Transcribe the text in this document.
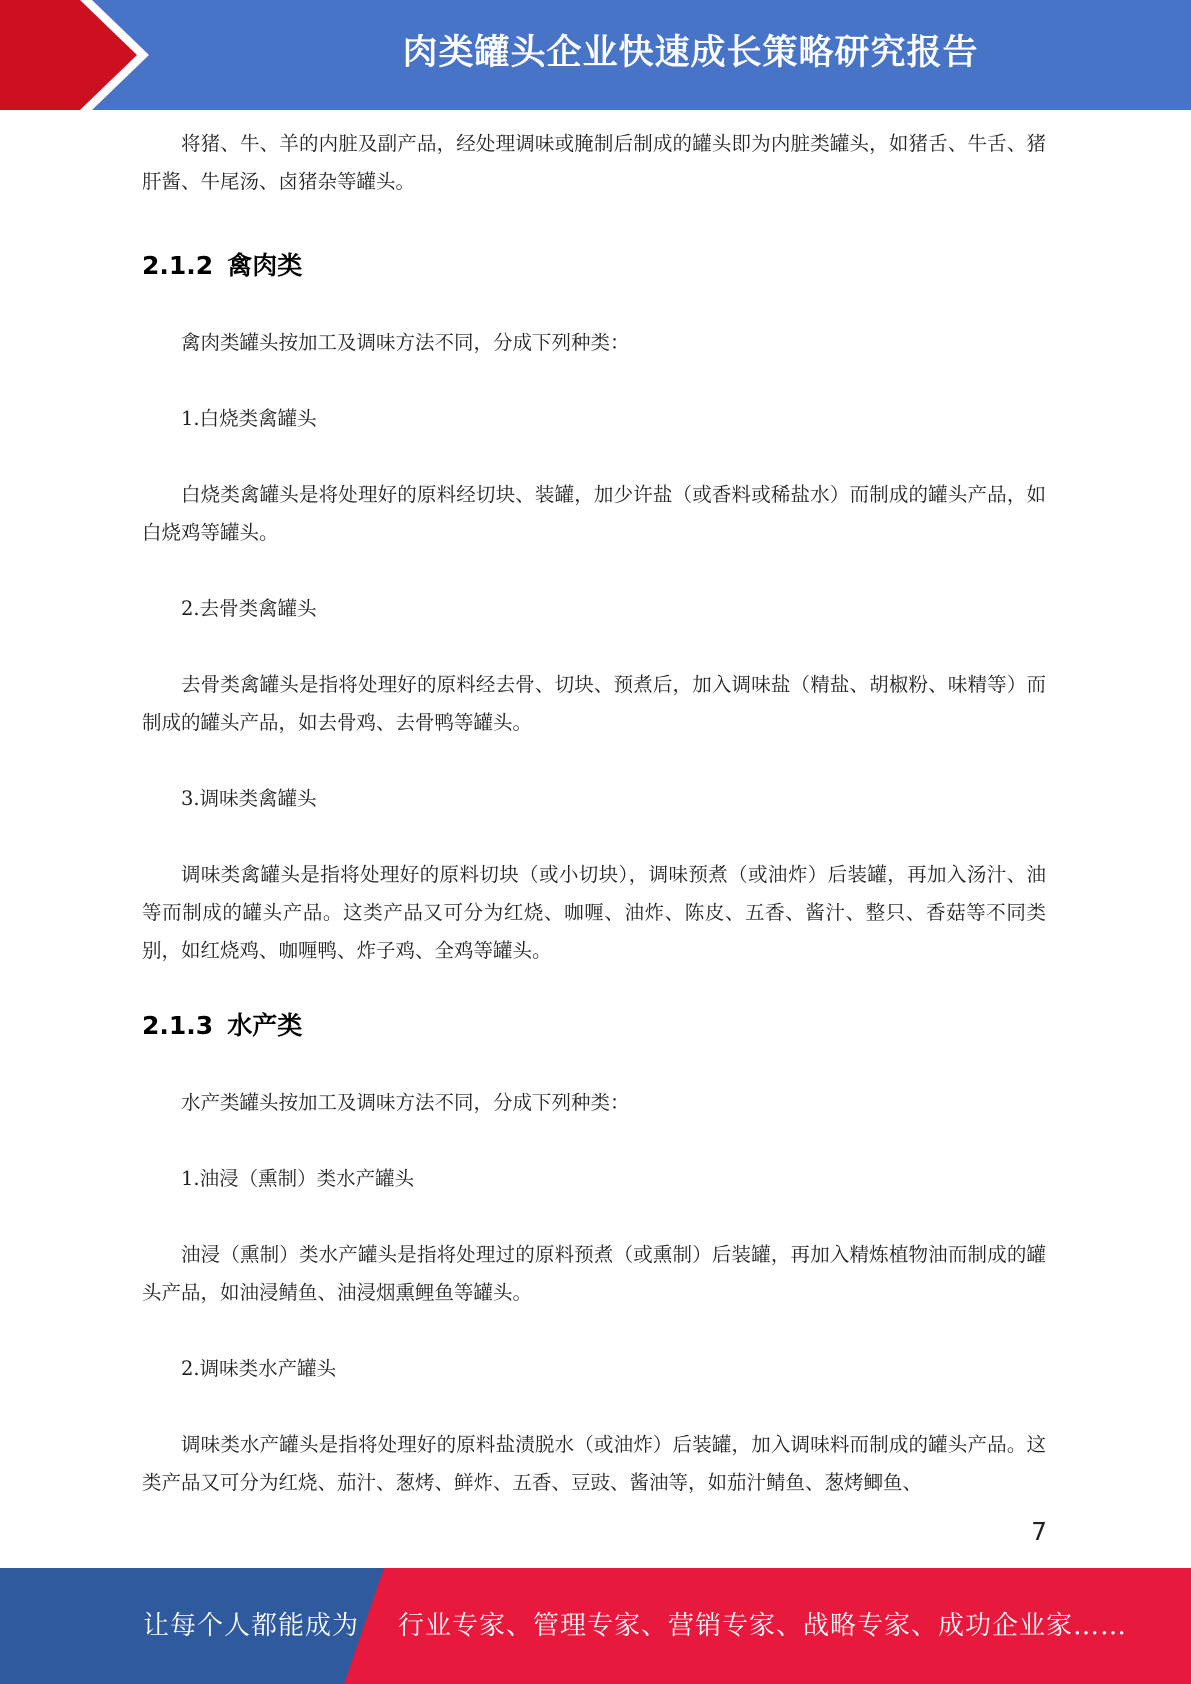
肉类罐头企业快速成长策略研究报告

将猪、牛、羊的内脏及副产品，经处理调味或腌制后制成的罐头即为内脏类罐头，如猪舌、牛舌、猪肝酱、牛尾汤、卤猪杂等罐头。

2.1.2 禽肉类

禽肉类罐头按加工及调味方法不同，分成下列种类：

1.白烧类禽罐头

白烧类禽罐头是将处理好的原料经切块、装罐，加少许盐（或香料或稀盐水）而制成的罐头产品，如白烧鸡等罐头。

2.去骨类禽罐头

去骨类禽罐头是指将处理好的原料经去骨、切块、预煮后，加入调味盐（精盐、胡椒粉、味精等）而制成的罐头产品，如去骨鸡、去骨鸭等罐头。

3.调味类禽罐头

调味类禽罐头是指将处理好的原料切块（或小切块），调味预煮（或油炸）后装罐，再加入汤汁、油等而制成的罐头产品。这类产品又可分为红烧、咖喱、油炸、陈皮、五香、酱汁、整只、香菇等不同类别，如红烧鸡、咖喱鸭、炸子鸡、全鸡等罐头。

2.1.3 水产类

水产类罐头按加工及调味方法不同，分成下列种类：

1.油浸（熏制）类水产罐头

油浸（熏制）类水产罐头是指将处理过的原料预煮（或熏制）后装罐，再加入精炼植物油而制成的罐头产品，如油浸鲭鱼、油浸烟熏鲤鱼等罐头。

2.调味类水产罐头

调味类水产罐头是指将处理好的原料盐渍脱水（或油炸）后装罐，加入调味料而制成的罐头产品。这类产品又可分为红烧、茄汁、葱烤、鲜炸、五香、豆豉、酱油等，如茄汁鲭鱼、葱烤鲫鱼、

7
让每个人都能成为 行业专家、管理专家、营销专家、战略专家、成功企业家……
